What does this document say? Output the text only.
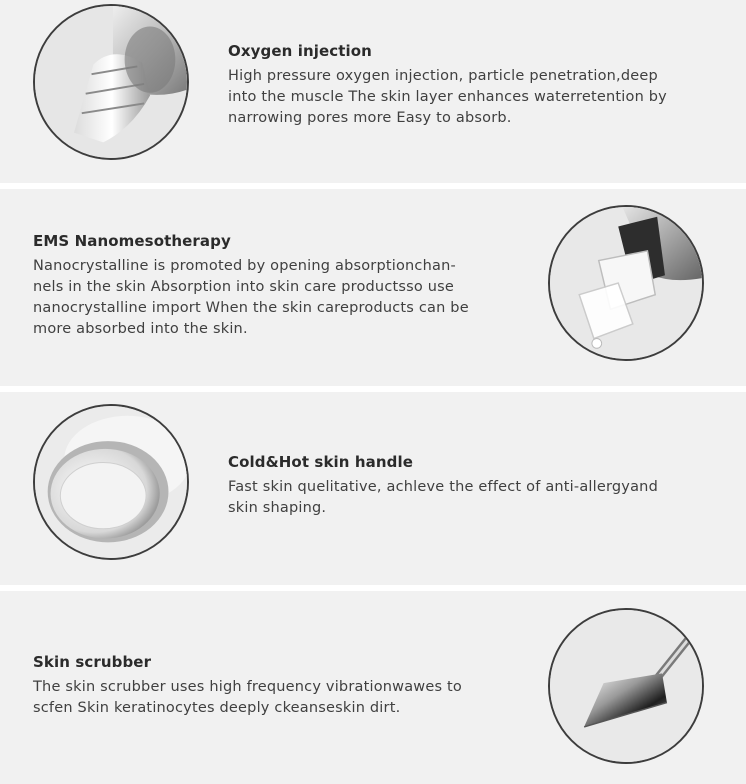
Oxygen injection

High pressure oxygen injection, particle penetration,deep
into the muscle The skin layer enhances waterretention by
narrowing pores more Easy to absorb.

EMS Nanomesotherapy

Nanocrystalline is promoted by opening absorptionchan-
nels in the skin Absorption into skin care productsso use
nanocrystalline import When the skin careproducts can be
more absorbed into the skin.

Cold&Hot skin handle

Fast skin quelitative, achleve the effect of anti-allergyand
skin shaping.

Skin scrubber

The skin scrubber uses high frequency vibrationwawes to
scfen Skin keratinocytes deeply ckeanseskin dirt.
